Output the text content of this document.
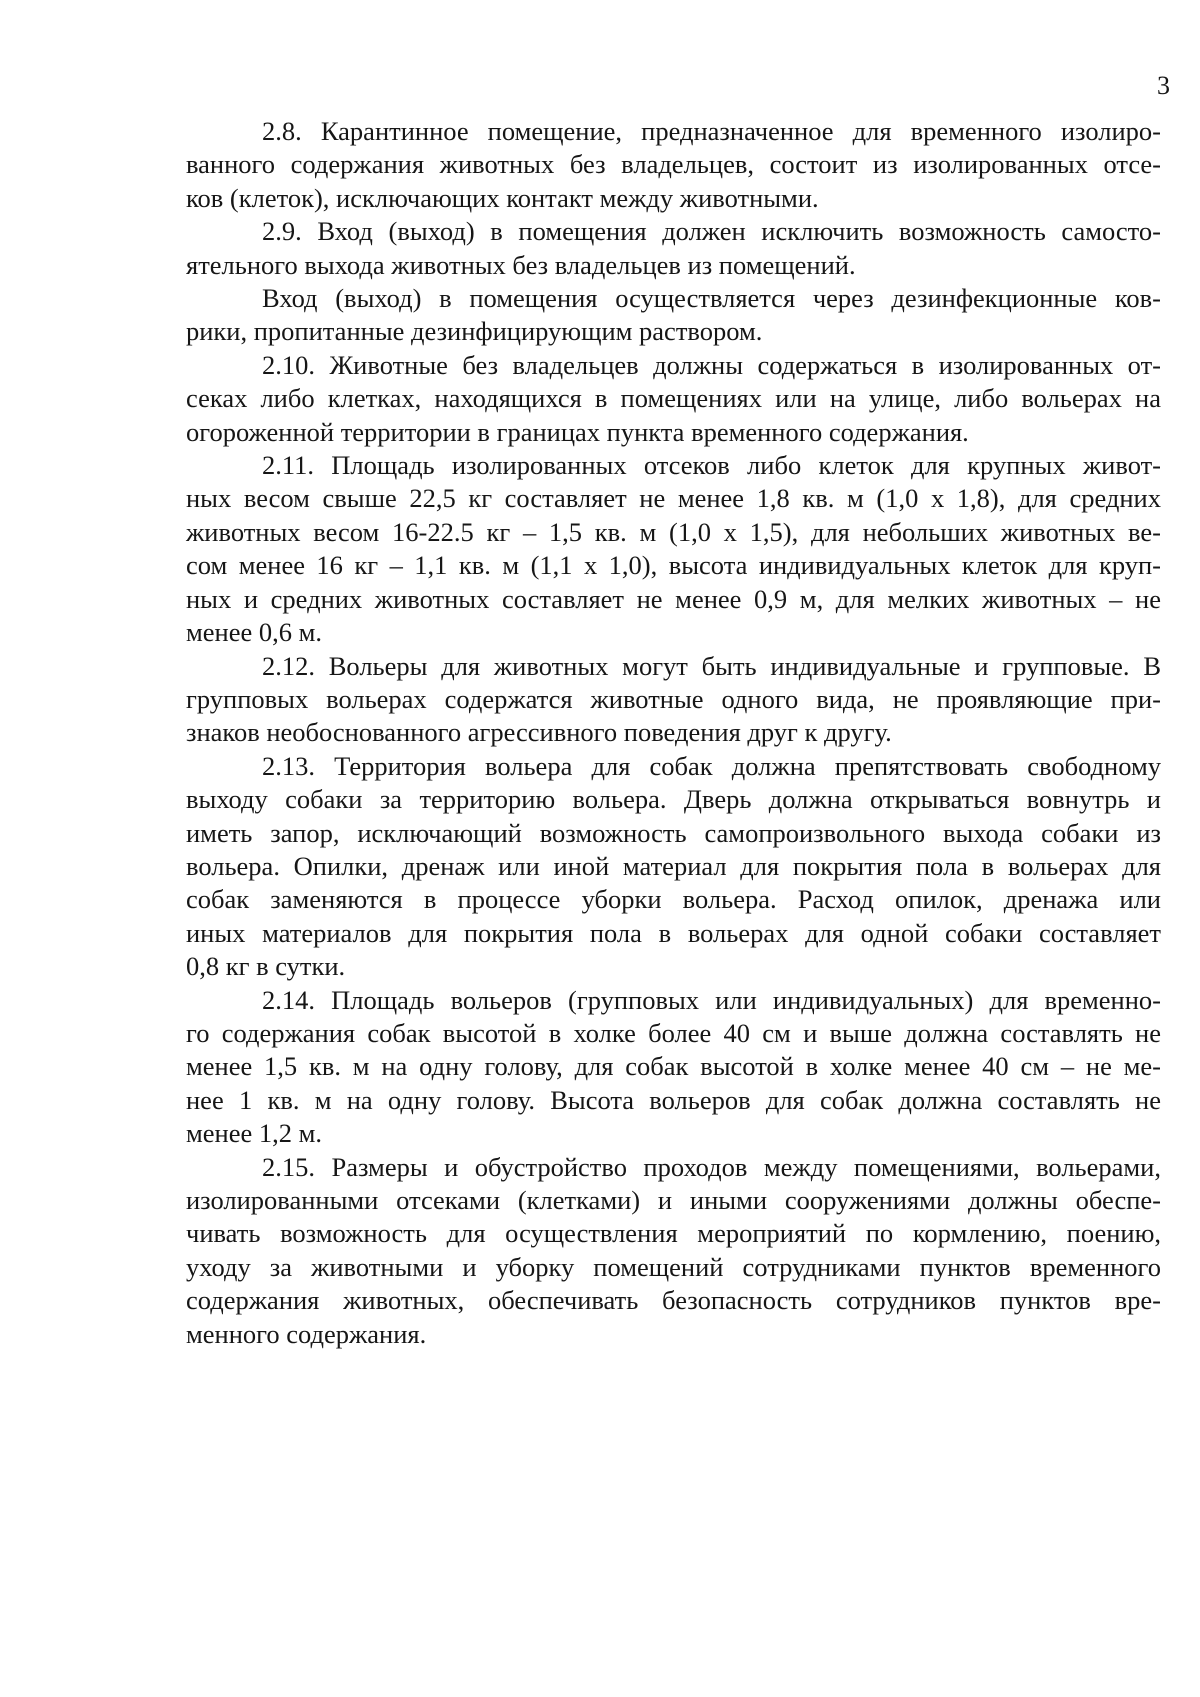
3
2.8. Карантинное помещение, предназначенное для временного изолиро-
ванного содержания животных без владельцев, состоит из изолированных отсе-
ков (клеток), исключающих контакт между животными.
2.9. Вход (выход) в помещения должен исключить возможность самосто-
ятельного выхода животных без владельцев из помещений.
Вход (выход) в помещения осуществляется через дезинфекционные ков-
рики, пропитанные дезинфицирующим раствором.
2.10. Животные без владельцев должны содержаться в изолированных от-
секах либо клетках, находящихся в помещениях или на улице, либо вольерах на
огороженной территории в границах пункта временного содержания.
2.11. Площадь изолированных отсеков либо клеток для крупных живот-
ных весом свыше 22,5 кг составляет не менее 1,8 кв. м (1,0 х 1,8), для средних
животных весом 16-22.5 кг – 1,5 кв. м (1,0 х 1,5), для небольших животных ве-
сом менее 16 кг – 1,1 кв. м (1,1 х 1,0), высота индивидуальных клеток для круп-
ных и средних животных составляет не менее 0,9 м, для мелких животных – не
менее 0,6 м.
2.12. Вольеры для животных могут быть индивидуальные и групповые. В
групповых вольерах содержатся животные одного вида, не проявляющие при-
знаков необоснованного агрессивного поведения друг к другу.
2.13. Территория вольера для собак должна препятствовать свободному
выходу собаки за территорию вольера. Дверь должна открываться вовнутрь и
иметь запор, исключающий возможность самопроизвольного выхода собаки из
вольера. Опилки, дренаж или иной материал для покрытия пола в вольерах для
собак заменяются в процессе уборки вольера. Расход опилок, дренажа или
иных материалов для покрытия пола в вольерах для одной собаки составляет
0,8 кг в сутки.
2.14. Площадь вольеров (групповых или индивидуальных) для временно-
го содержания собак высотой в холке более 40 см и выше должна составлять не
менее 1,5 кв. м на одну голову, для собак высотой в холке менее 40 см – не ме-
нее 1 кв. м на одну голову. Высота вольеров для собак должна составлять не
менее 1,2 м.
2.15. Размеры и обустройство проходов между помещениями, вольерами,
изолированными отсеками (клетками) и иными сооружениями должны обеспе-
чивать возможность для осуществления мероприятий по кормлению, поению,
уходу за животными и уборку помещений сотрудниками пунктов временного
содержания животных, обеспечивать безопасность сотрудников пунктов вре-
менного содержания.
